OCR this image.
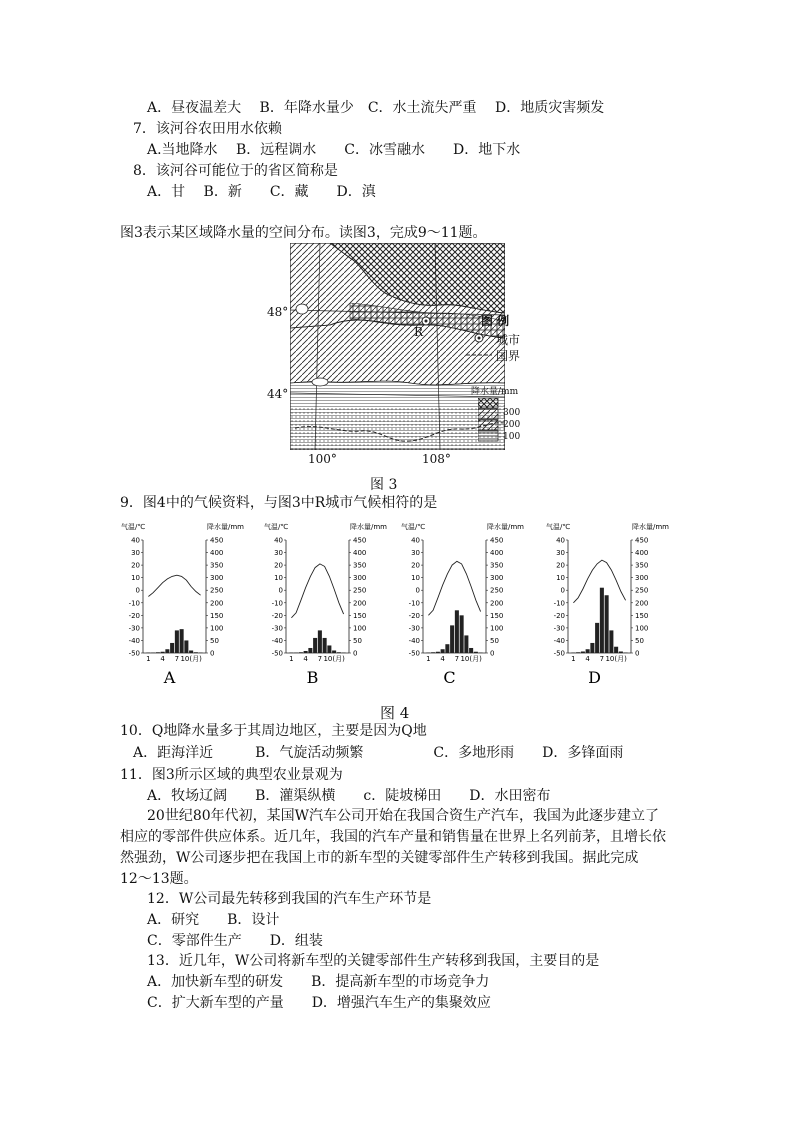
A．昼夜温差大　 B．年降水量少　C．水土流失严重　 D．地质灾害频发
7．该河谷农田用水依赖
A.当地降水　 B．远程调水　　C．冰雪融水　　D．地下水
8．该河谷可能位于的省区简称是
A．甘　 B．新　　C．藏　　D．滇
图3表示某区域降水量的空间分布。读图3，完成9～11题。
48°
44°
100°	108°
R
图 例
城市
国界
降水量/mm
300
200
100
图 3
9．图4中的气候资料，与图3中R城市气候相符的是
气温/℃	降水量/mm
40
30
20
10
0
-10
-20
-30
-40
-50
450
400
350
300
250
200
150
100
50
0
1 4 7 10(月)
A
气温/℃	降水量/mm
40
30
20
10
0
-10
-20
-30
-40
-50
450
400
350
300
250
200
150
100
50
0
1 4 7 10(月)
B
气温/℃	降水量/mm
40
30
20
10
0
-10
-20
-30
-40
-50
450
400
350
300
250
200
150
100
50
0
1 4 7 10(月)
C
气温/℃	降水量/mm
40
30
20
10
0
-10
-20
-30
-40
-50
450
400
350
300
250
200
150
100
50
0
1 4 7 10(月)
D
图 4
10．Q地降水量多于其周边地区，主要是因为Q地
A．距海洋近　　　B．气旋活动频繁　　　　　C．多地形雨　　D．多锋面雨
11．图3所示区域的典型农业景观为
A．牧场辽阔　　B．灌渠纵横　　c．陡坡梯田　　D．水田密布
20世纪80年代初，某国W汽车公司开始在我国合资生产汽车，我国为此逐步建立了
相应的零部件供应体系。近几年，我国的汽车产量和销售量在世界上名列前茅，且增长依
然强劲，W公司逐步把在我国上市的新车型的关键零部件生产转移到我国。据此完成
12～13题。
12．W公司最先转移到我国的汽车生产环节是
A．研究　　B．设计
C．零部件生产　　D．组装
13．近几年，W公司将新车型的关键零部件生产转移到我国，主要目的是
A．加快新车型的研发　　B．提高新车型的市场竞争力
C．扩大新车型的产量　　D．增强汽车生产的集聚效应
